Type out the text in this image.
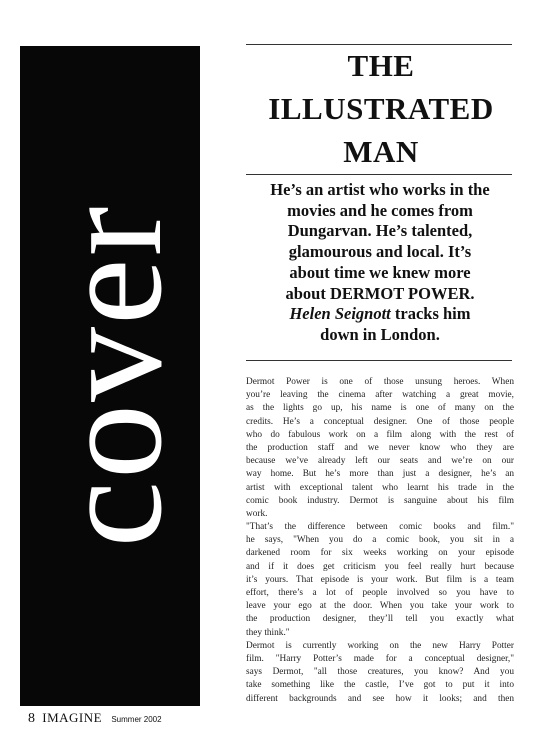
cover
8 IMAGINE Summer 2002
THE
ILLUSTRATED
MAN
He’s an artist who works in the
movies and he comes from
Dungarvan. He’s talented,
glamourous and local. It’s
about time we knew more
about DERMOT POWER.
Helen Seignott tracks him
down in London.
Dermot Power is one of those unsung heroes. When
you’re leaving the cinema after watching a great movie,
as the lights go up, his name is one of many on the
credits. He’s a conceptual designer. One of those people
who do fabulous work on a film along with the rest of
the production staff and we never know who they are
because we’ve already left our seats and we’re on our
way home. But he’s more than just a designer, he’s an
artist with exceptional talent who learnt his trade in the
comic book industry. Dermot is sanguine about his film
work.
"That’s the difference between comic books and film."
he says, "When you do a comic book, you sit in a
darkened room for six weeks working on your episode
and if it does get criticism you feel really hurt because
it’s yours. That episode is your work. But film is a team
effort, there’s a lot of people involved so you have to
leave your ego at the door. When you take your work to
the production designer, they’ll tell you exactly what
they think."
Dermot is currently working on the new Harry Potter
film. "Harry Potter’s made for a conceptual designer,"
says Dermot, "all those creatures, you know? And you
take something like the castle, I’ve got to put it into
different backgrounds and see how it looks; and then
